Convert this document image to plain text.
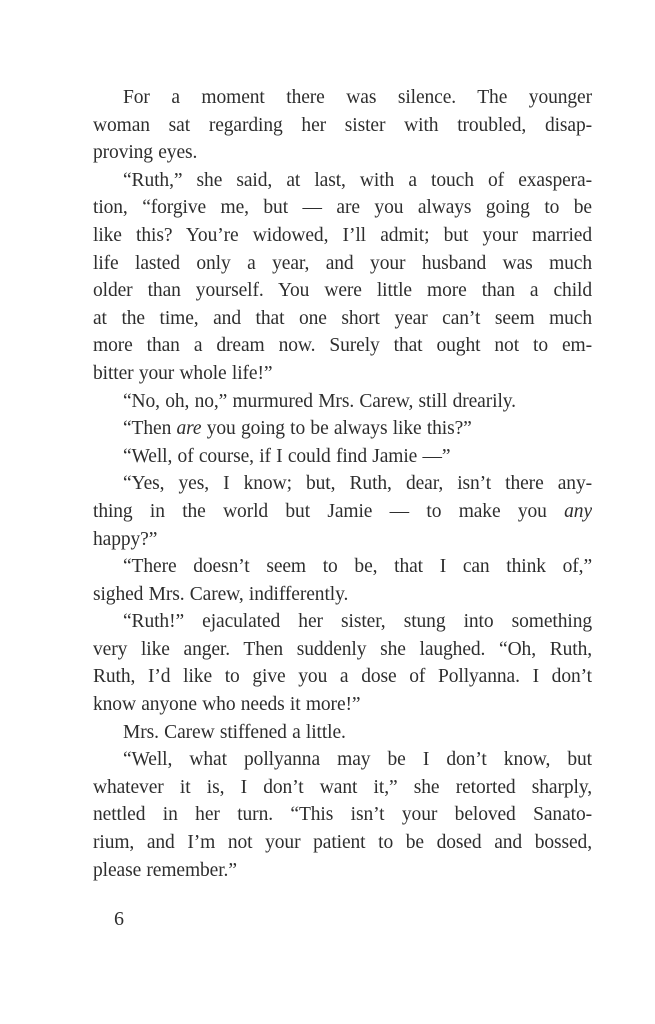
For a moment there was silence. The younger
woman sat regarding her sister with troubled, disap-
proving eyes.
“Ruth,” she said, at last, with a touch of exaspera-
tion, “forgive me, but — are you always going to be
like this? You’re widowed, I’ll admit; but your married
life lasted only a year, and your husband was much
older than yourself. You were little more than a child
at the time, and that one short year can’t seem much
more than a dream now. Surely that ought not to em-
bitter your whole life!”
“No, oh, no,” murmured Mrs. Carew, still drearily.
“Then are you going to be always like this?”
“Well, of course, if I could find Jamie —”
“Yes, yes, I know; but, Ruth, dear, isn’t there any-
thing in the world but Jamie — to make you any
happy?”
“There doesn’t seem to be, that I can think of,”
sighed Mrs. Carew, indifferently.
“Ruth!” ejaculated her sister, stung into something
very like anger. Then suddenly she laughed. “Oh, Ruth,
Ruth, I’d like to give you a dose of Pollyanna. I don’t
know anyone who needs it more!”
Mrs. Carew stiffened a little.
“Well, what pollyanna may be I don’t know, but
whatever it is, I don’t want it,” she retorted sharply,
nettled in her turn. “This isn’t your beloved Sanato-
rium, and I’m not your patient to be dosed and bossed,
please remember.”
6
